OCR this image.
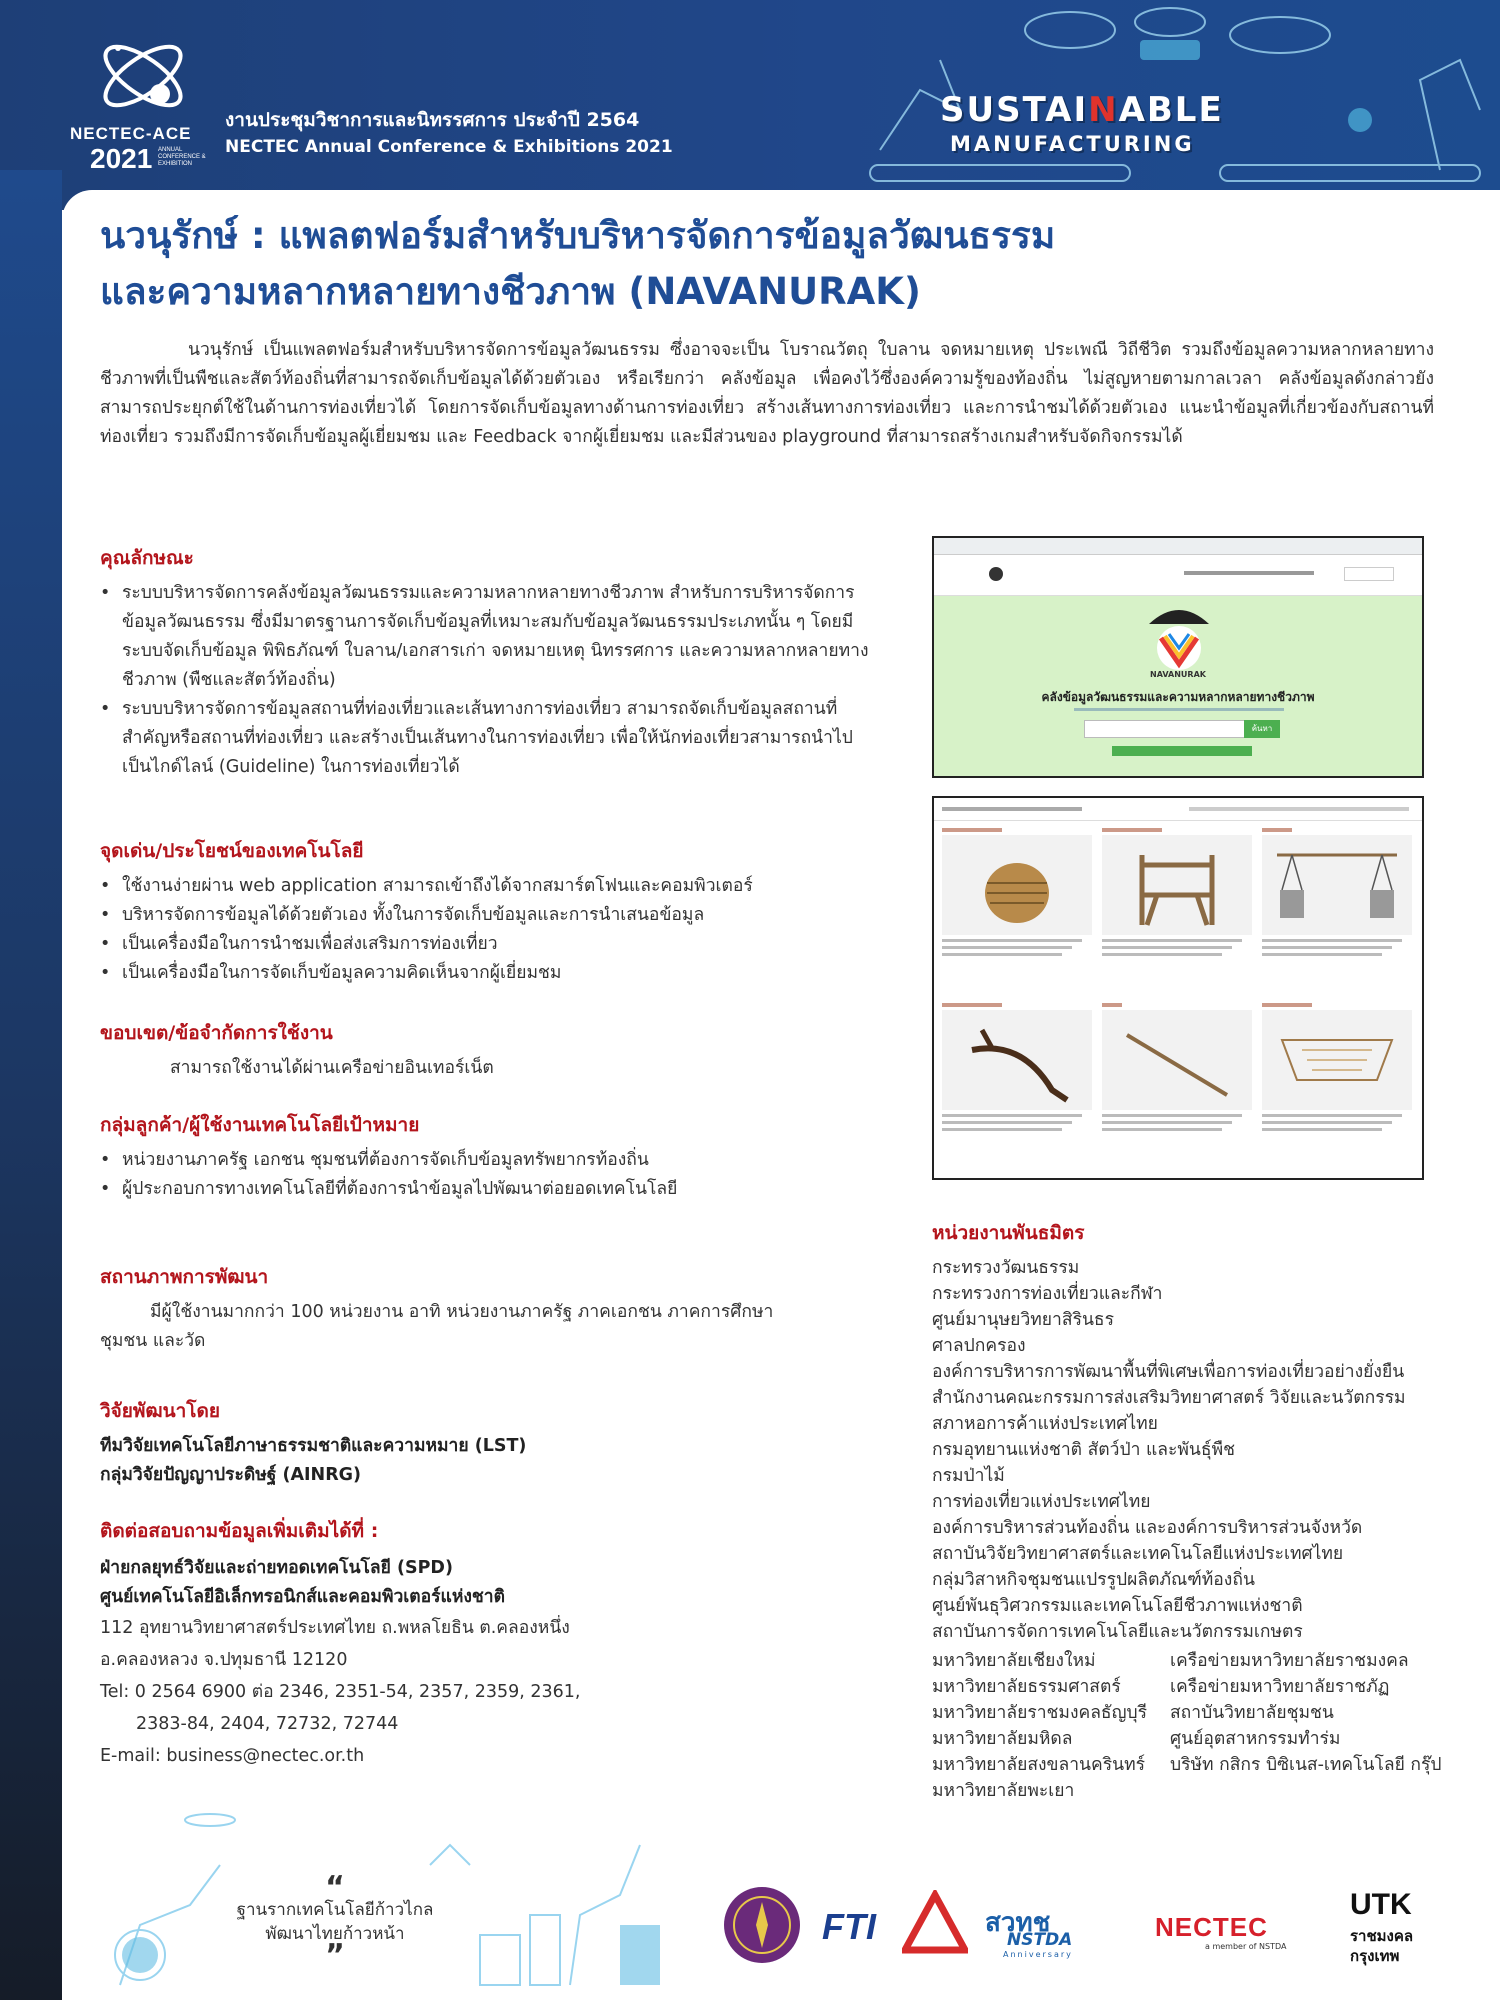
NECTEC-ACE
2021 ANNUAL CONFERENCE & EXHIBITION
งานประชุมวิชาการและนิทรรศการ ประจำปี 2564
NECTEC Annual Conference & Exhibitions 2021
SUSTAINABLE
MANUFACTURING
นวนุรักษ์ : แพลตฟอร์มสำหรับบริหารจัดการข้อมูลวัฒนธรรม
และความหลากหลายทางชีวภาพ (NAVANURAK)
นวนุรักษ์ เป็นแพลตฟอร์มสำหรับบริหารจัดการข้อมูลวัฒนธรรม ซึ่งอาจจะเป็น โบราณวัตถุ ใบลาน จดหมายเหตุ ประเพณี วิถีชีวิต รวมถึงข้อมูลความหลากหลายทางชีวภาพที่เป็นพืชและสัตว์ท้องถิ่นที่สามารถจัดเก็บข้อมูลได้ด้วยตัวเอง หรือเรียกว่า คลังข้อมูล เพื่อคงไว้ซึ่งองค์ความรู้ของท้องถิ่น ไม่สูญหายตามกาลเวลา คลังข้อมูลดังกล่าวยังสามารถประยุกต์ใช้ในด้านการท่องเที่ยวได้ โดยการจัดเก็บข้อมูลทางด้านการท่องเที่ยว สร้างเส้นทางการท่องเที่ยว และการนำชมได้ด้วยตัวเอง แนะนำข้อมูลที่เกี่ยวข้องกับสถานที่ท่องเที่ยว รวมถึงมีการจัดเก็บข้อมูลผู้เยี่ยมชม และ Feedback จากผู้เยี่ยมชม และมีส่วนของ playground ที่สามารถสร้างเกมสำหรับจัดกิจกรรมได้
คุณลักษณะ
• ระบบบริหารจัดการคลังข้อมูลวัฒนธรรมและความหลากหลายทางชีวภาพ สำหรับการบริหารจัดการข้อมูลวัฒนธรรม ซึ่งมีมาตรฐานการจัดเก็บข้อมูลที่เหมาะสมกับข้อมูลวัฒนธรรมประเภทนั้น ๆ โดยมีระบบจัดเก็บข้อมูล พิพิธภัณฑ์ ใบลาน/เอกสารเก่า จดหมายเหตุ นิทรรศการ และความหลากหลายทางชีวภาพ (พืชและสัตว์ท้องถิ่น)
• ระบบบริหารจัดการข้อมูลสถานที่ท่องเที่ยวและเส้นทางการท่องเที่ยว สามารถจัดเก็บข้อมูลสถานที่สำคัญหรือสถานที่ท่องเที่ยว และสร้างเป็นเส้นทางในการท่องเที่ยว เพื่อให้นักท่องเที่ยวสามารถนำไปเป็นไกด์ไลน์ (Guideline) ในการท่องเที่ยวได้
จุดเด่น/ประโยชน์ของเทคโนโลยี
• ใช้งานง่ายผ่าน web application สามารถเข้าถึงได้จากสมาร์ตโฟนและคอมพิวเตอร์
• บริหารจัดการข้อมูลได้ด้วยตัวเอง ทั้งในการจัดเก็บข้อมูลและการนำเสนอข้อมูล
• เป็นเครื่องมือในการนำชมเพื่อส่งเสริมการท่องเที่ยว
• เป็นเครื่องมือในการจัดเก็บข้อมูลความคิดเห็นจากผู้เยี่ยมชม
ขอบเขต/ข้อจำกัดการใช้งาน
สามารถใช้งานได้ผ่านเครือข่ายอินเทอร์เน็ต
กลุ่มลูกค้า/ผู้ใช้งานเทคโนโลยีเป้าหมาย
• หน่วยงานภาครัฐ เอกชน ชุมชนที่ต้องการจัดเก็บข้อมูลทรัพยากรท้องถิ่น
• ผู้ประกอบการทางเทคโนโลยีที่ต้องการนำข้อมูลไปพัฒนาต่อยอดเทคโนโลยี
สถานภาพการพัฒนา
มีผู้ใช้งานมากกว่า 100 หน่วยงาน อาทิ หน่วยงานภาครัฐ ภาคเอกชน ภาคการศึกษา
ชุมชน และวัด
วิจัยพัฒนาโดย
ทีมวิจัยเทคโนโลยีภาษาธรรมชาติและความหมาย (LST)
กลุ่มวิจัยปัญญาประดิษฐ์ (AINRG)
ติดต่อสอบถามข้อมูลเพิ่มเติมได้ที่ :
ฝ่ายกลยุทธ์วิจัยและถ่ายทอดเทคโนโลยี (SPD)
ศูนย์เทคโนโลยีอิเล็กทรอนิกส์และคอมพิวเตอร์แห่งชาติ
112 อุทยานวิทยาศาสตร์ประเทศไทย ถ.พหลโยธิน ต.คลองหนึ่ง
อ.คลองหลวง จ.ปทุมธานี 12120
Tel: 0 2564 6900 ต่อ 2346, 2351-54, 2357, 2359, 2361,
2383-84, 2404, 72732, 72744
E-mail: business@nectec.or.th
NAVANURAK
คลังข้อมูลวัฒนธรรมและความหลากหลายทางชีวภาพ
ค้นหา
หน่วยงานพันธมิตร
กระทรวงวัฒนธรรม
กระทรวงการท่องเที่ยวและกีฬา
ศูนย์มานุษยวิทยาสิรินธร
ศาลปกครอง
องค์การบริหารการพัฒนาพื้นที่พิเศษเพื่อการท่องเที่ยวอย่างยั่งยืน
สำนักงานคณะกรรมการส่งเสริมวิทยาศาสตร์ วิจัยและนวัตกรรม
สภาหอการค้าแห่งประเทศไทย
กรมอุทยานแห่งชาติ สัตว์ป่า และพันธุ์พืช
กรมป่าไม้
การท่องเที่ยวแห่งประเทศไทย
องค์การบริหารส่วนท้องถิ่น และองค์การบริหารส่วนจังหวัด
สถาบันวิจัยวิทยาศาสตร์และเทคโนโลยีแห่งประเทศไทย
กลุ่มวิสาหกิจชุมชนแปรรูปผลิตภัณฑ์ท้องถิ่น
ศูนย์พันธุวิศวกรรมและเทคโนโลยีชีวภาพแห่งชาติ
สถาบันการจัดการเทคโนโลยีและนวัตกรรมเกษตร
มหาวิทยาลัยเชียงใหม่
มหาวิทยาลัยธรรมศาสตร์
มหาวิทยาลัยราชมงคลธัญบุรี
มหาวิทยาลัยมหิดล
มหาวิทยาลัยสงขลานครินทร์
มหาวิทยาลัยพะเยา
เครือข่ายมหาวิทยาลัยราชมงคล
เครือข่ายมหาวิทยาลัยราชภัฏ
สถาบันวิทยาลัยชุมชน
ศูนย์อุตสาหกรรมทำร่ม
บริษัท กสิกร บิซิเนส-เทคโนโลยี กรุ๊ป
“
ฐานรากเทคโนโลยีก้าวไกล
พัฒนาไทยก้าวหน้า
”
FTI	สวทช
NSTDA
Anniversary
NECTEC
a member of NSTDA
UTK
ราชมงคล
กรุงเทพ
